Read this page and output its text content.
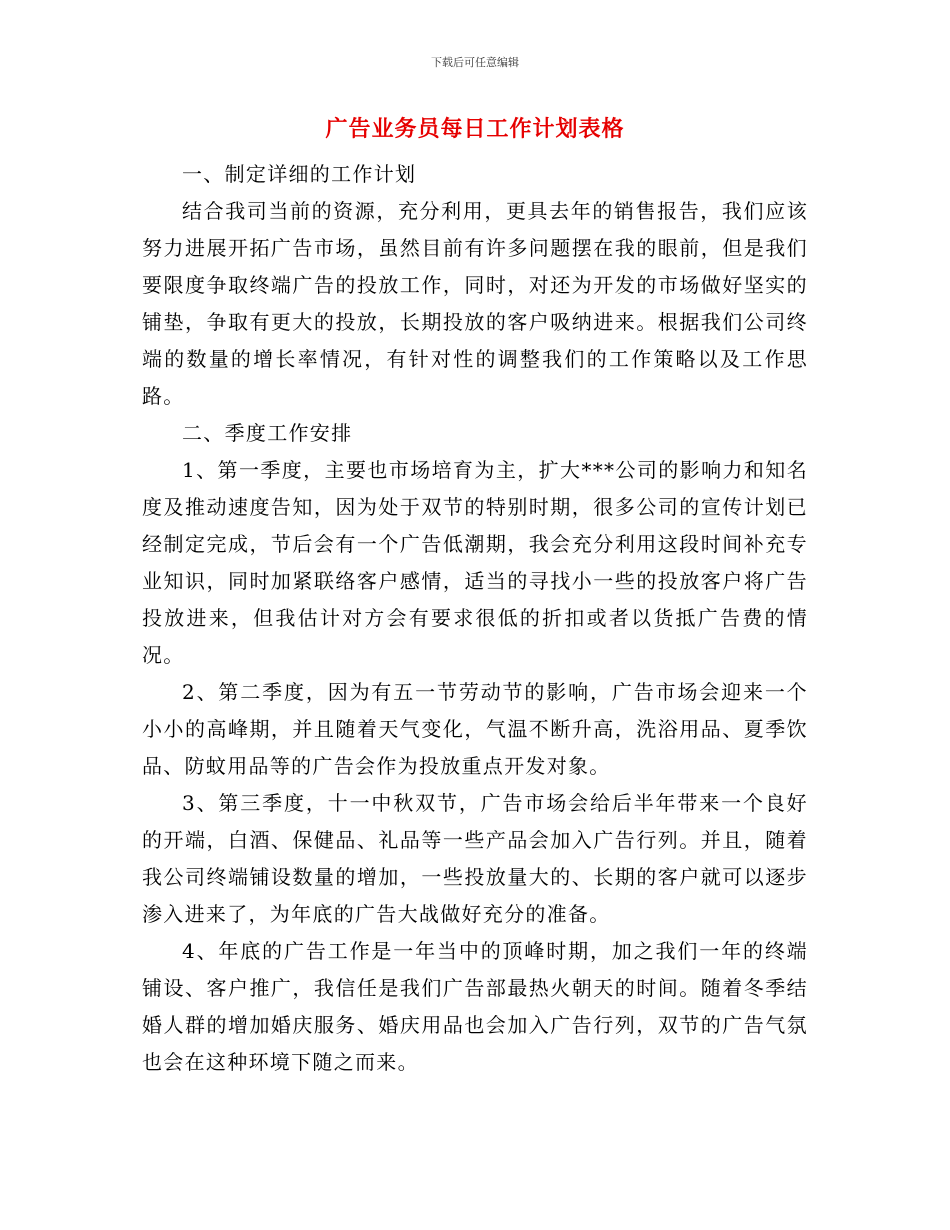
下载后可任意编辑
广告业务员每日工作计划表格

一、制定详细的工作计划

结合我司当前的资源，充分利用，更具去年的销售报告，我们应该努力进展开拓广告市场，虽然目前有许多问题摆在我的眼前，但是我们要限度争取终端广告的投放工作，同时，对还为开发的市场做好坚实的铺垫，争取有更大的投放，长期投放的客户吸纳进来。根据我们公司终端的数量的增长率情况，有针对性的调整我们的工作策略以及工作思路。

二、季度工作安排

1、第一季度，主要也市场培育为主，扩大***公司的影响力和知名度及推动速度告知，因为处于双节的特别时期，很多公司的宣传计划已经制定完成，节后会有一个广告低潮期，我会充分利用这段时间补充专业知识，同时加紧联络客户感情，适当的寻找小一些的投放客户将广告投放进来，但我估计对方会有要求很低的折扣或者以货抵广告费的情况。

2、第二季度，因为有五一节劳动节的影响，广告市场会迎来一个小小的高峰期，并且随着天气变化，气温不断升高，洗浴用品、夏季饮品、防蚊用品等的广告会作为投放重点开发对象。

3、第三季度，十一中秋双节，广告市场会给后半年带来一个良好的开端，白酒、保健品、礼品等一些产品会加入广告行列。并且，随着我公司终端铺设数量的增加，一些投放量大的、长期的客户就可以逐步渗入进来了，为年底的广告大战做好充分的准备。

4、年底的广告工作是一年当中的顶峰时期，加之我们一年的终端铺设、客户推广，我信任是我们广告部最热火朝天的时间。随着冬季结婚人群的增加婚庆服务、婚庆用品也会加入广告行列，双节的广告气氛也会在这种环境下随之而来。
